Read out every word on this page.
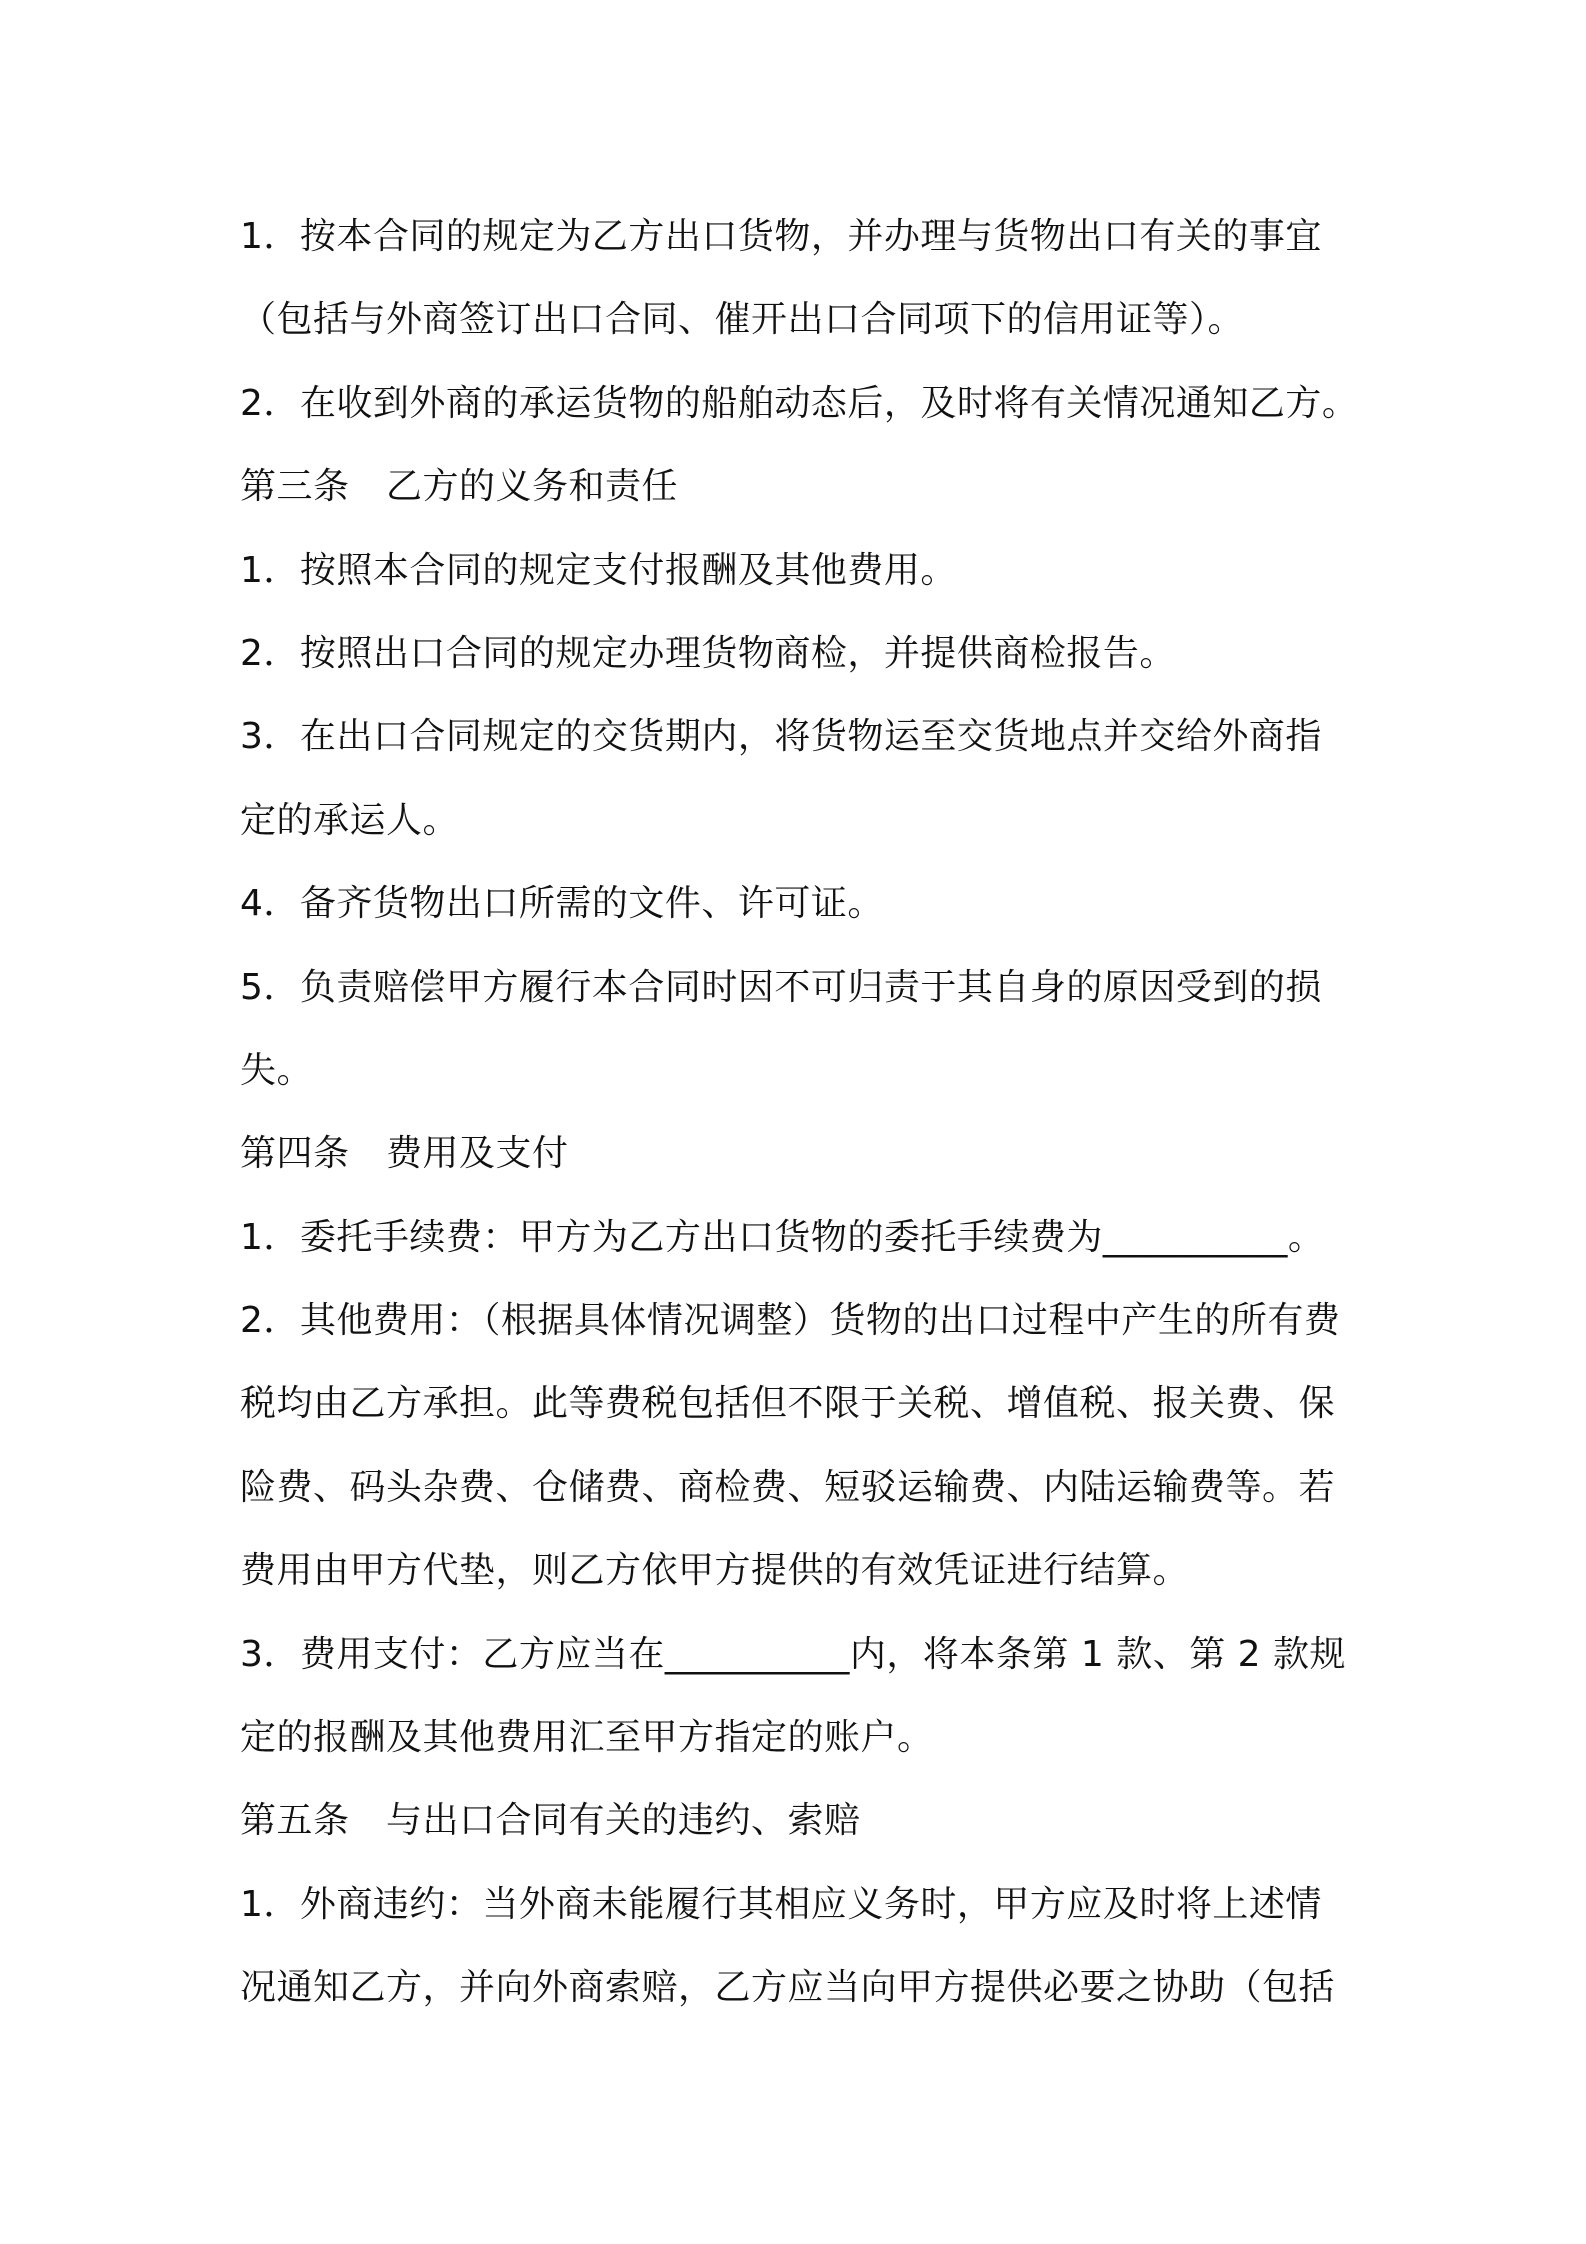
1．按本合同的规定为乙方出口货物，并办理与货物出口有关的事宜
（包括与外商签订出口合同、催开出口合同项下的信用证等）。
2．在收到外商的承运货物的船舶动态后，及时将有关情况通知乙方。
第三条　乙方的义务和责任
1．按照本合同的规定支付报酬及其他费用。
2．按照出口合同的规定办理货物商检，并提供商检报告。
3．在出口合同规定的交货期内，将货物运至交货地点并交给外商指
定的承运人。
4．备齐货物出口所需的文件、许可证。
5．负责赔偿甲方履行本合同时因不可归责于其自身的原因受到的损
失。
第四条　费用及支付
1．委托手续费：甲方为乙方出口货物的委托手续费为__________。
2．其他费用：（根据具体情况调整）货物的出口过程中产生的所有费
税均由乙方承担。此等费税包括但不限于关税、增值税、报关费、保
险费、码头杂费、仓储费、商检费、短驳运输费、内陆运输费等。若
费用由甲方代垫，则乙方依甲方提供的有效凭证进行结算。
3．费用支付：乙方应当在__________内，将本条第 1 款、第 2 款规
定的报酬及其他费用汇至甲方指定的账户。
第五条　与出口合同有关的违约、索赔
1．外商违约：当外商未能履行其相应义务时，甲方应及时将上述情
况通知乙方，并向外商索赔，乙方应当向甲方提供必要之协助（包括
